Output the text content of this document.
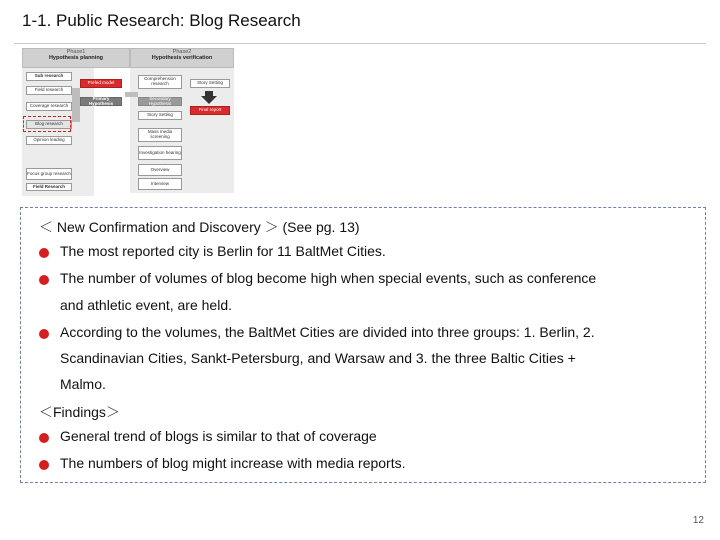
1-1. Public Research: Blog Research
Phase1
Hypothesis planning
Phase2
Hypothesis verification
Sub research
Field research
Coverage research
Blog research
Opinion leading
Focus group research
Field Research
Prefed model
Primary Hypothesis
Comprehension research	Story Setting
Secondary Hypothesis
Final report
Story Setting
Mass media screening
Investigation hearing
Overview
Interview
＜ New Confirmation and Discovery ＞ (See pg. 13)
The most reported city is Berlin for 11 BaltMet Cities.
The number of volumes of blog become high when special events, such as conference
and athletic event, are held.
According to the volumes, the BaltMet Cities are divided into three groups: 1. Berlin, 2.
Scandinavian Cities, Sankt-Petersburg, and Warsaw and 3. the three Baltic Cities +
Malmo.
＜Findings＞
General trend of blogs is similar to that of coverage
The numbers of blog might increase with media reports.
12
